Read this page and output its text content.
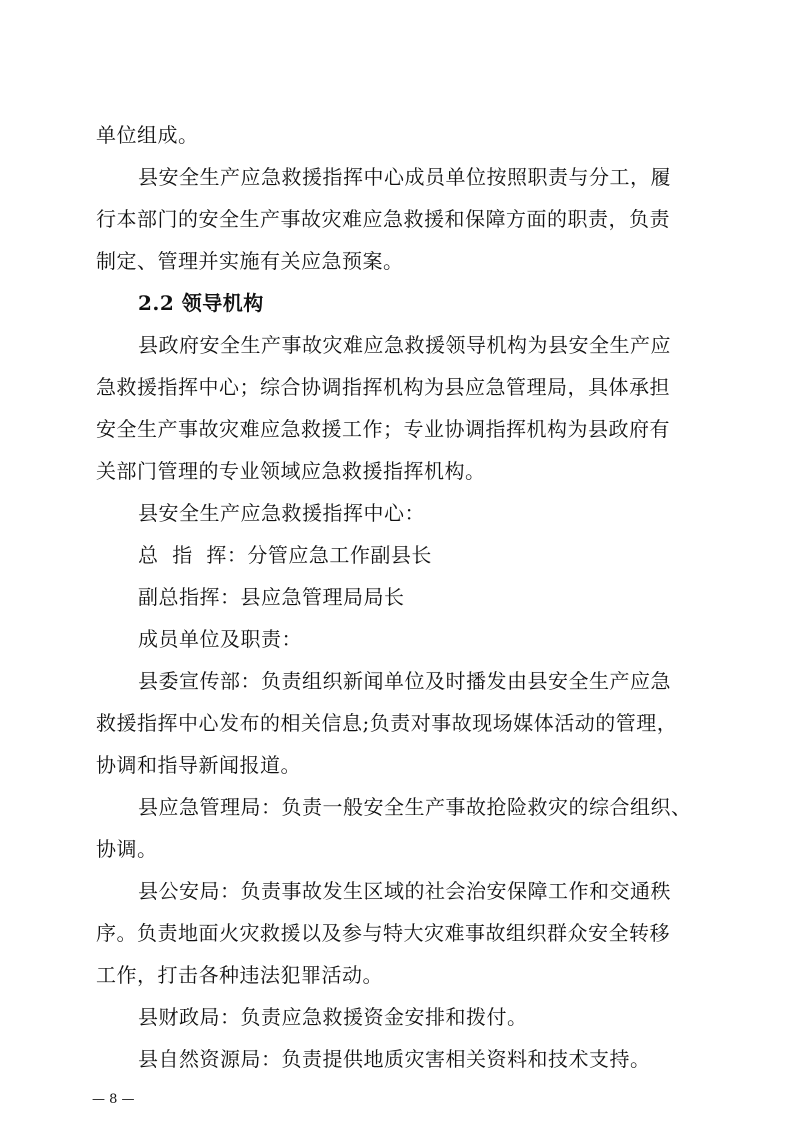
单位组成。
县安全生产应急救援指挥中心成员单位按照职责与分工，履
行本部门的安全生产事故灾难应急救援和保障方面的职责，负责
制定、管理并实施有关应急预案。
2.2 领导机构
县政府安全生产事故灾难应急救援领导机构为县安全生产应
急救援指挥中心；综合协调指挥机构为县应急管理局，具体承担
安全生产事故灾难应急救援工作；专业协调指挥机构为县政府有
关部门管理的专业领域应急救援指挥机构。
县安全生产应急救援指挥中心：
总  指  挥：分管应急工作副县长
副总指挥：县应急管理局局长
成员单位及职责：
县委宣传部：负责组织新闻单位及时播发由县安全生产应急
救援指挥中心发布的相关信息;负责对事故现场媒体活动的管理，
协调和指导新闻报道。
县应急管理局：负责一般安全生产事故抢险救灾的综合组织、
协调。
县公安局：负责事故发生区域的社会治安保障工作和交通秩
序。负责地面火灾救援以及参与特大灾难事故组织群众安全转移
工作，打击各种违法犯罪活动。
县财政局：负责应急救援资金安排和拨付。
县自然资源局：负责提供地质灾害相关资料和技术支持。
— 8 —
